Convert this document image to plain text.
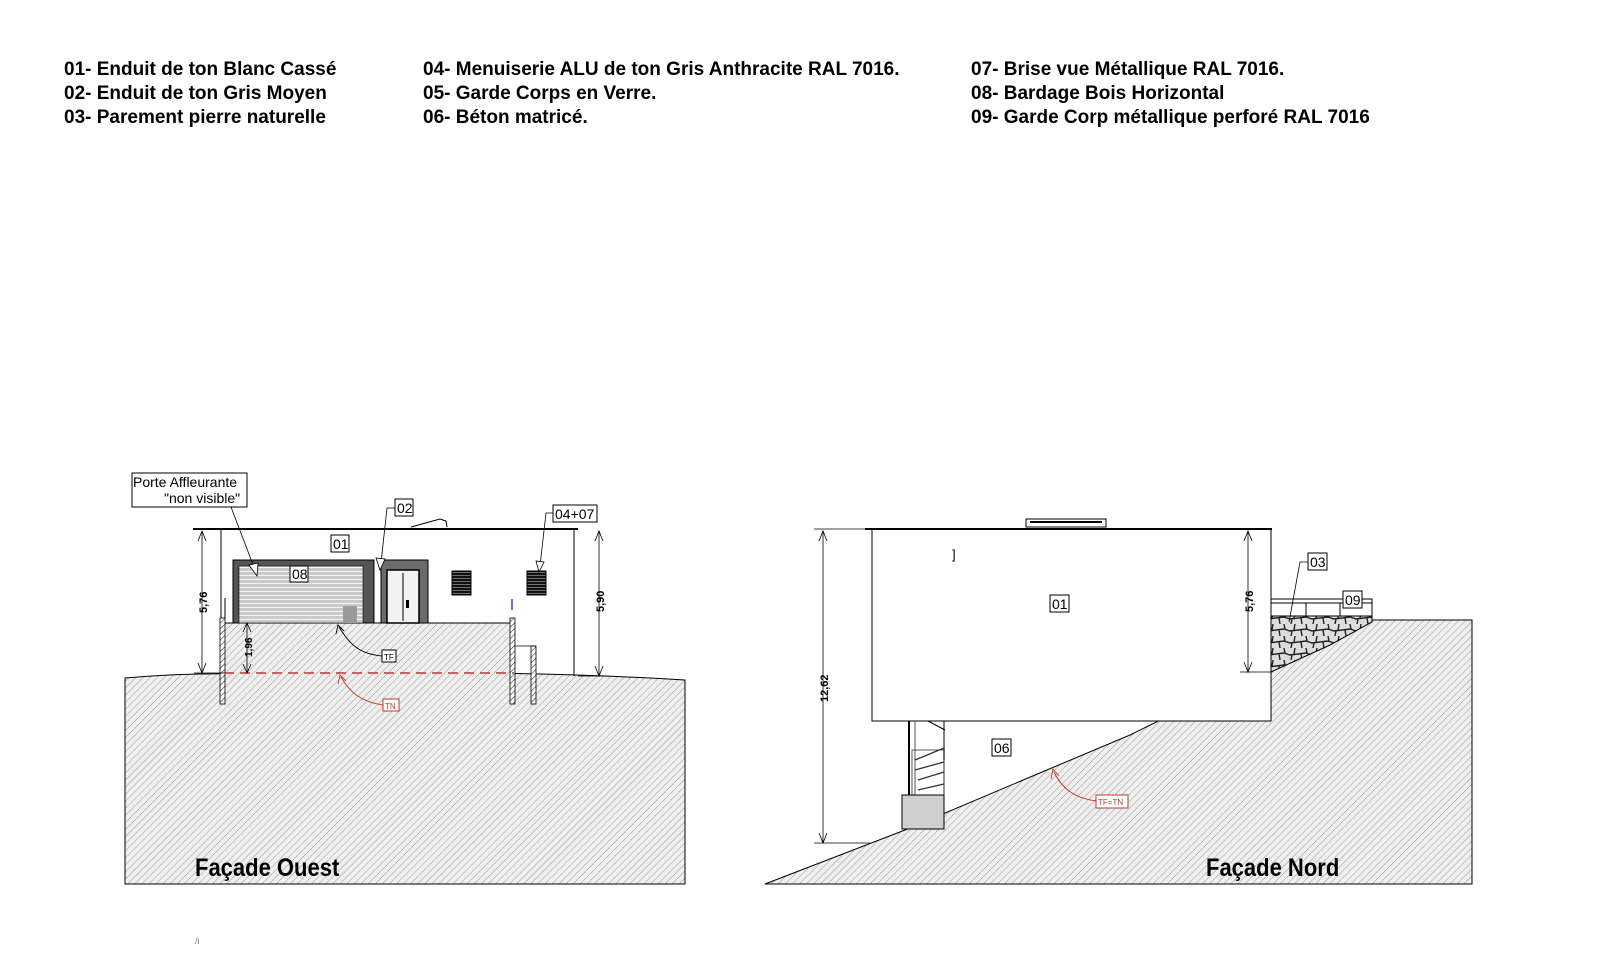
01- Enduit de ton Blanc Cassé
02- Enduit de ton Gris Moyen
03- Parement pierre naturelle
04- Menuiserie ALU de ton Gris Anthracite RAL 7016.
05- Garde Corps en Verre.
06- Béton matricé.
07- Brise vue Métallique RAL 7016.
08- Bardage Bois Horizontal
09- Garde Corp métallique perforé RAL 7016
5,76
1,96
5,90
Porte Affleurante
"non visible"
01
08
02	04+07
TF
TN
]
12,62
5,76
01
06
03
09
TF=TN
/i
Façade Ouest	Façade Nord
